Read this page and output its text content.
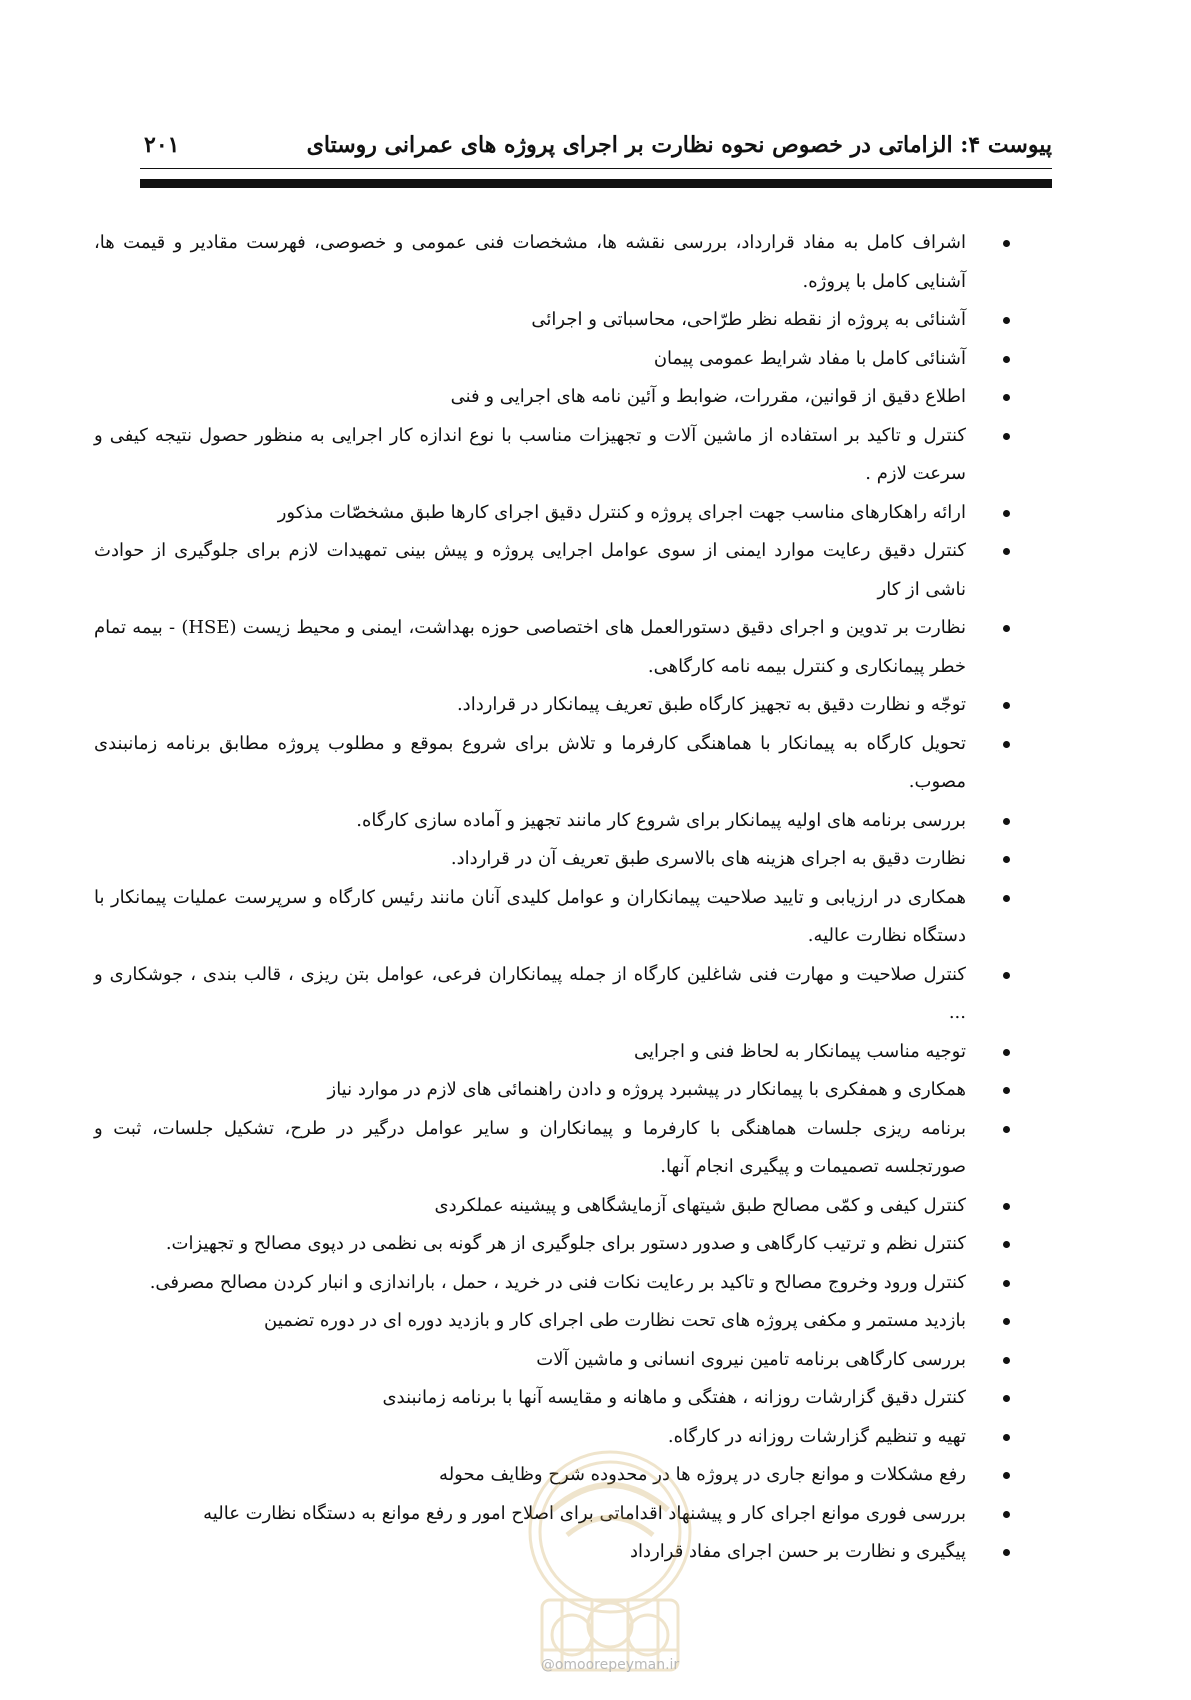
پیوست ۴: الزاماتی در خصوص نحوه نظارت بر اجرای پروژه های عمرانی روستای
۲۰۱
اشراف کامل به مفاد قرارداد، بررسی نقشه ها، مشخصات فنی عمومی و خصوصی، فهرست مقادیر و قیمت ها، آشنایی کامل با پروژه.
آشنائی به پروژه از نقطه نظر طرّاحی، محاسباتی و اجرائی
آشنائی کامل با مفاد شرایط عمومی پیمان
اطلاع دقیق از قوانین، مقررات، ضوابط و آئین نامه های اجرایی و فنی
کنترل و تاکید بر استفاده از ماشین آلات و تجهیزات مناسب با نوع اندازه کار اجرایی به منظور حصول نتیجه کیفی و سرعت لازم .
ارائه راهکارهای مناسب جهت اجرای پروژه و کنترل دقیق اجرای کارها طبق مشخصّات مذکور
کنترل دقیق رعایت موارد ایمنی از سوی عوامل اجرایی پروژه و پیش بینی تمهیدات لازم برای جلوگیری از حوادث ناشی از کار
نظارت بر تدوین و اجرای دقیق دستورالعمل های اختصاصی حوزه بهداشت، ایمنی و محیط زیست (HSE) - بیمه تمام خطر پیمانکاری و کنترل بیمه نامه کارگاهی.
توجّه و نظارت دقیق به تجهیز کارگاه طبق تعریف پیمانکار در قرارداد.
تحویل کارگاه به پیمانکار با هماهنگی کارفرما و تلاش برای شروع بموقع و مطلوب پروژه مطابق برنامه زمانبندی مصوب.
بررسی برنامه های اولیه پیمانکار برای شروع کار مانند تجهیز و آماده سازی کارگاه.
نظارت دقیق به اجرای هزینه های بالاسری طبق تعریف آن در قرارداد.
همکاری در ارزیابی و تایید صلاحیت پیمانکاران و عوامل کلیدی آنان مانند رئیس کارگاه و سرپرست عملیات پیمانکار با دستگاه نظارت عالیه.
کنترل صلاحیت و مهارت فنی شاغلین کارگاه از جمله پیمانکاران فرعی، عوامل بتن ریزی ، قالب بندی ، جوشکاری و ...
توجیه مناسب پیمانکار به لحاظ فنی و اجرایی
همکاری و همفکری با پیمانکار در پیشبرد پروژه و دادن راهنمائی های لازم در موارد نیاز
برنامه ریزی جلسات هماهنگی با کارفرما و پیمانکاران و سایر عوامل درگیر در طرح، تشکیل جلسات، ثبت و صورتجلسه تصمیمات و پیگیری انجام آنها.
کنترل کیفی و کمّی مصالح طبق شیتهای آزمایشگاهی و پیشینه عملکردی
کنترل نظم و ترتیب کارگاهی و صدور دستور برای جلوگیری از هر گونه بی نظمی در دپوی مصالح و تجهیزات.
کنترل ورود وخروج مصالح و تاکید بر رعایت نکات فنی در خرید ، حمل ، باراندازی و انبار کردن مصالح مصرفی.
بازدید مستمر و مکفی پروژه های تحت نظارت طی اجرای کار و بازدید دوره ای در دوره تضمین
بررسی کارگاهی برنامه تامین نیروی انسانی و ماشین آلات
کنترل دقیق گزارشات روزانه ، هفتگی و ماهانه و مقایسه آنها با برنامه زمانبندی
تهیه و تنظیم گزارشات روزانه در کارگاه.
رفع مشکلات و موانع جاری در پروژه ها در محدوده شرح وظایف محوله
بررسی فوری موانع اجرای کار و پیشنهاد اقداماتی برای اصلاح امور و رفع موانع به دستگاه نظارت عالیه
پیگیری و نظارت بر حسن اجرای مفاد قرارداد
@omoorepeyman.ir
